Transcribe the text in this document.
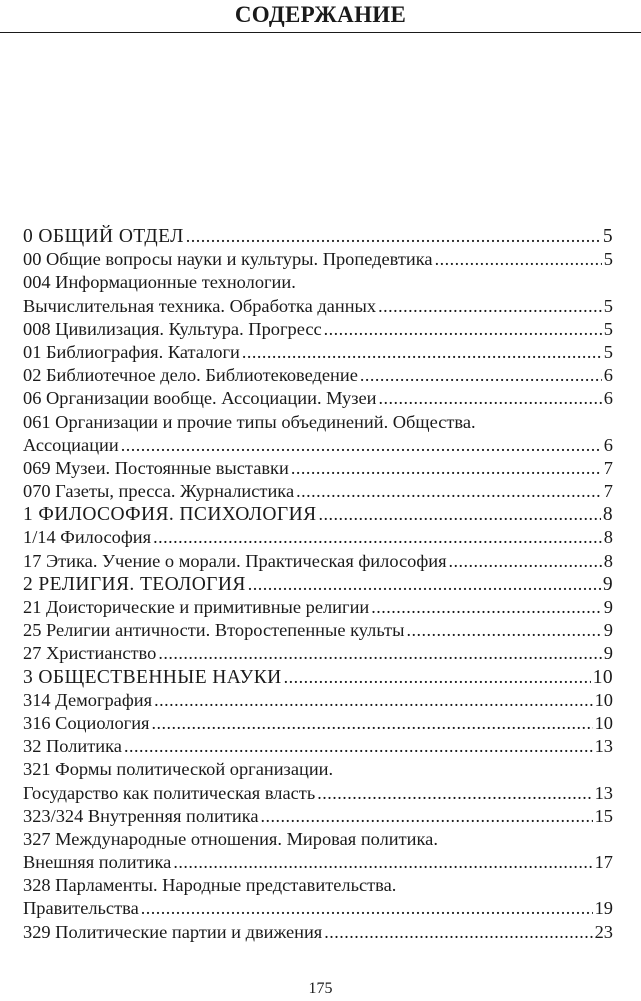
СОДЕРЖАНИЕ
0 ОБЩИЙ ОТДЕЛ .....	5
00 Общие вопросы науки и культуры. Пропедевтика .....	5
004 Информационные технологии.
Вычислительная техника. Обработка данных .....	5
008 Цивилизация. Культура. Прогресс .....	5
01 Библиография. Каталоги .....	5
02 Библиотечное дело. Библиотековедение .....	6
06 Организации вообще. Ассоциации. Музеи .....	6
061 Организации и прочие типы объединений. Общества.
Ассоциации .....	6
069 Музеи. Постоянные выставки .....	7
070 Газеты, пресса. Журналистика .....	7
1 ФИЛОСОФИЯ. ПСИХОЛОГИЯ .....	8
1/14 Философия .....	8
17 Этика. Учение о морали. Практическая философия .....	8
2 РЕЛИГИЯ. ТЕОЛОГИЯ .....	9
21 Доисторические и примитивные религии .....	9
25 Религии античности. Второстепенные культы .....	9
27 Христианство .....	9
3 ОБЩЕСТВЕННЫЕ НАУКИ .....	10
314 Демография .....	10
316 Социология .....	10
32 Политика .....	13
321 Формы политической организации.
Государство как политическая власть .....	13
323/324 Внутренняя политика .....	15
327 Международные отношения. Мировая политика.
Внешняя политика .....	17
328 Парламенты. Народные представительства.
Правительства .....	19
329 Политические партии и движения .....	23
175
